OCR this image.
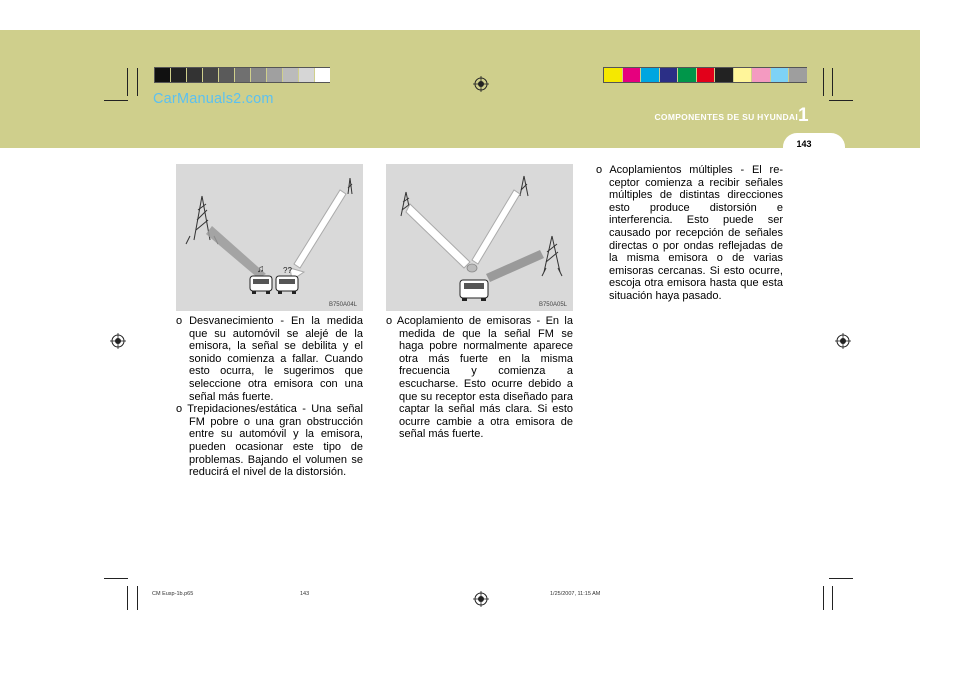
CarManuals2.com
COMPONENTES DE SU HYUNDAI 1
143
♫ ??
B750A04L	B750A05L

o Desvanecimiento - En la medida que su automóvil se alejé de la emisora, la señal se debilita y el sonido comienza a fallar. Cuando esto ocurra, le sugerimos que seleccione otra emisora con una señal más fuerte.

o Trepidaciones/estática - Una señal FM pobre o una gran obstrucción entre su automóvil y la emisora, pueden ocasionar este tipo de problemas. Bajando el volumen se reducirá el nivel de la distorsión.

o Acoplamiento de emisoras - En la medida de que la señal FM se haga pobre normalmente aparece otra más fuerte en la misma frecuencia y comienza a escucharse. Esto ocurre debido a que su receptor esta diseñado para captar la señal más clara. Si esto ocurre cambie a otra emisora de señal más fuerte.

o Acoplamientos múltiples - El re-ceptor comienza a recibir señales múltiples de distintas direcciones esto produce distorsión e interferencia. Esto puede ser causado por recepción de señales directas o por ondas reflejadas de la misma emisora o de varias emisoras cercanas. Si esto ocurre, escoja otra emisora hasta que esta situación haya pasado.

CM Eusp-1b.p65	143	1/25/2007, 11:15 AM
